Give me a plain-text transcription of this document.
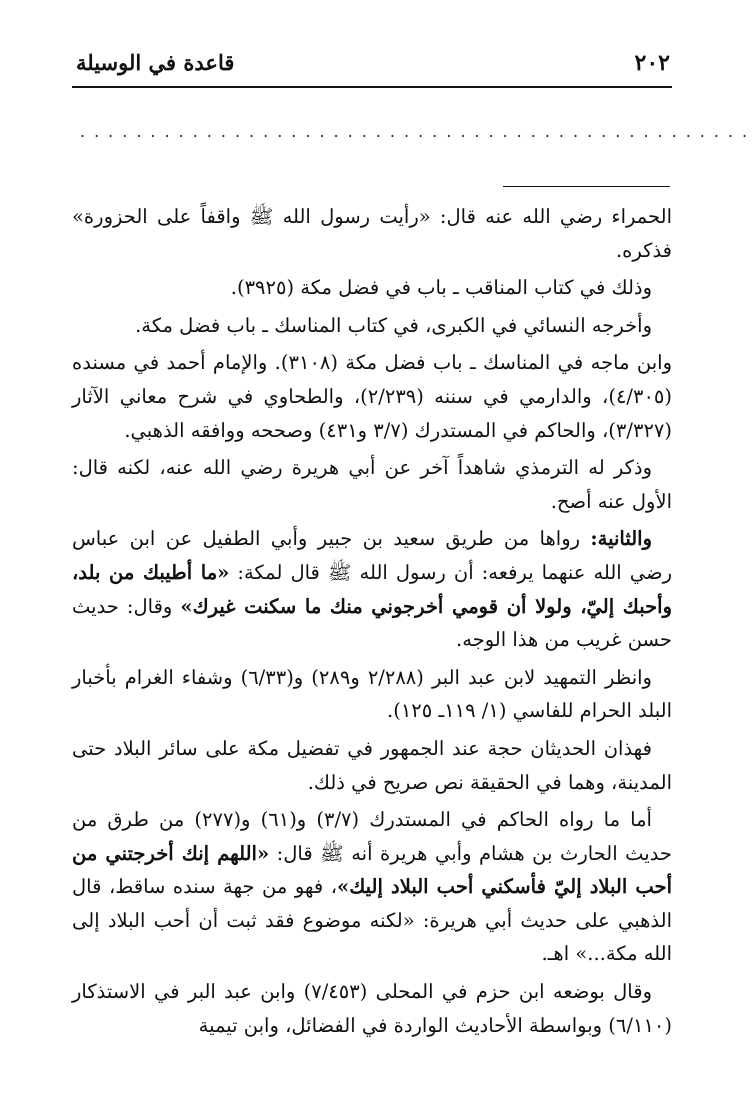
٢٠٢
قاعدة في الوسيلة
................................................

الحمراء رضي الله عنه قال: «رأيت رسول الله ﷺ واقفاً على الحزورة» فذكره.

وذلك في كتاب المناقب ـ باب في فضل مكة (٣٩٢٥).

وأخرجه النسائي في الكبرى، في كتاب المناسك ـ باب فضل مكة.

وابن ماجه في المناسك ـ باب فضل مكة (٣١٠٨). والإمام أحمد في مسنده (٤/٣٠٥)، والدارمي في سننه (٢/٢٣٩)، والطحاوي في شرح معاني الآثار (٣/٣٢٧)، والحاكم في المستدرك (٣/٧ و٤٣١) وصححه ووافقه الذهبي.

وذكر له الترمذي شاهداً آخر عن أبي هريرة رضي الله عنه، لكنه قال: الأول عنه أصح.

والثانية: رواها من طريق سعيد بن جبير وأبي الطفيل عن ابن عباس رضي الله عنهما يرفعه: أن رسول الله ﷺ قال لمكة: «ما أطيبك من بلد، وأحبك إليّ، ولولا أن قومي أخرجوني منك ما سكنت غيرك» وقال: حديث حسن غريب من هذا الوجه.

وانظر التمهيد لابن عبد البر (٢/٢٨٨ و٢٨٩) و(٦/٣٣) وشفاء الغرام بأخبار البلد الحرام للفاسي (١/ ١١٩ـ ١٢٥).

فهذان الحديثان حجة عند الجمهور في تفضيل مكة على سائر البلاد حتى المدينة، وهما في الحقيقة نص صريح في ذلك.

أما ما رواه الحاكم في المستدرك (٣/٧) و(٦١) و(٢٧٧) من طرق من حديث الحارث بن هشام وأبي هريرة أنه ﷺ قال: «اللهم إنك أخرجتني من أحب البلاد إليّ فأسكني أحب البلاد إليك»، فهو من جهة سنده ساقط، قال الذهبي على حديث أبي هريرة: «لكنه موضوع فقد ثبت أن أحب البلاد إلى الله مكة...» اهـ.

وقال بوضعه ابن حزم في المحلى (٧/٤٥٣) وابن عبد البر في الاستذكار (٦/١١٠) وبواسطة الأحاديث الواردة في الفضائل، وابن تيمية
